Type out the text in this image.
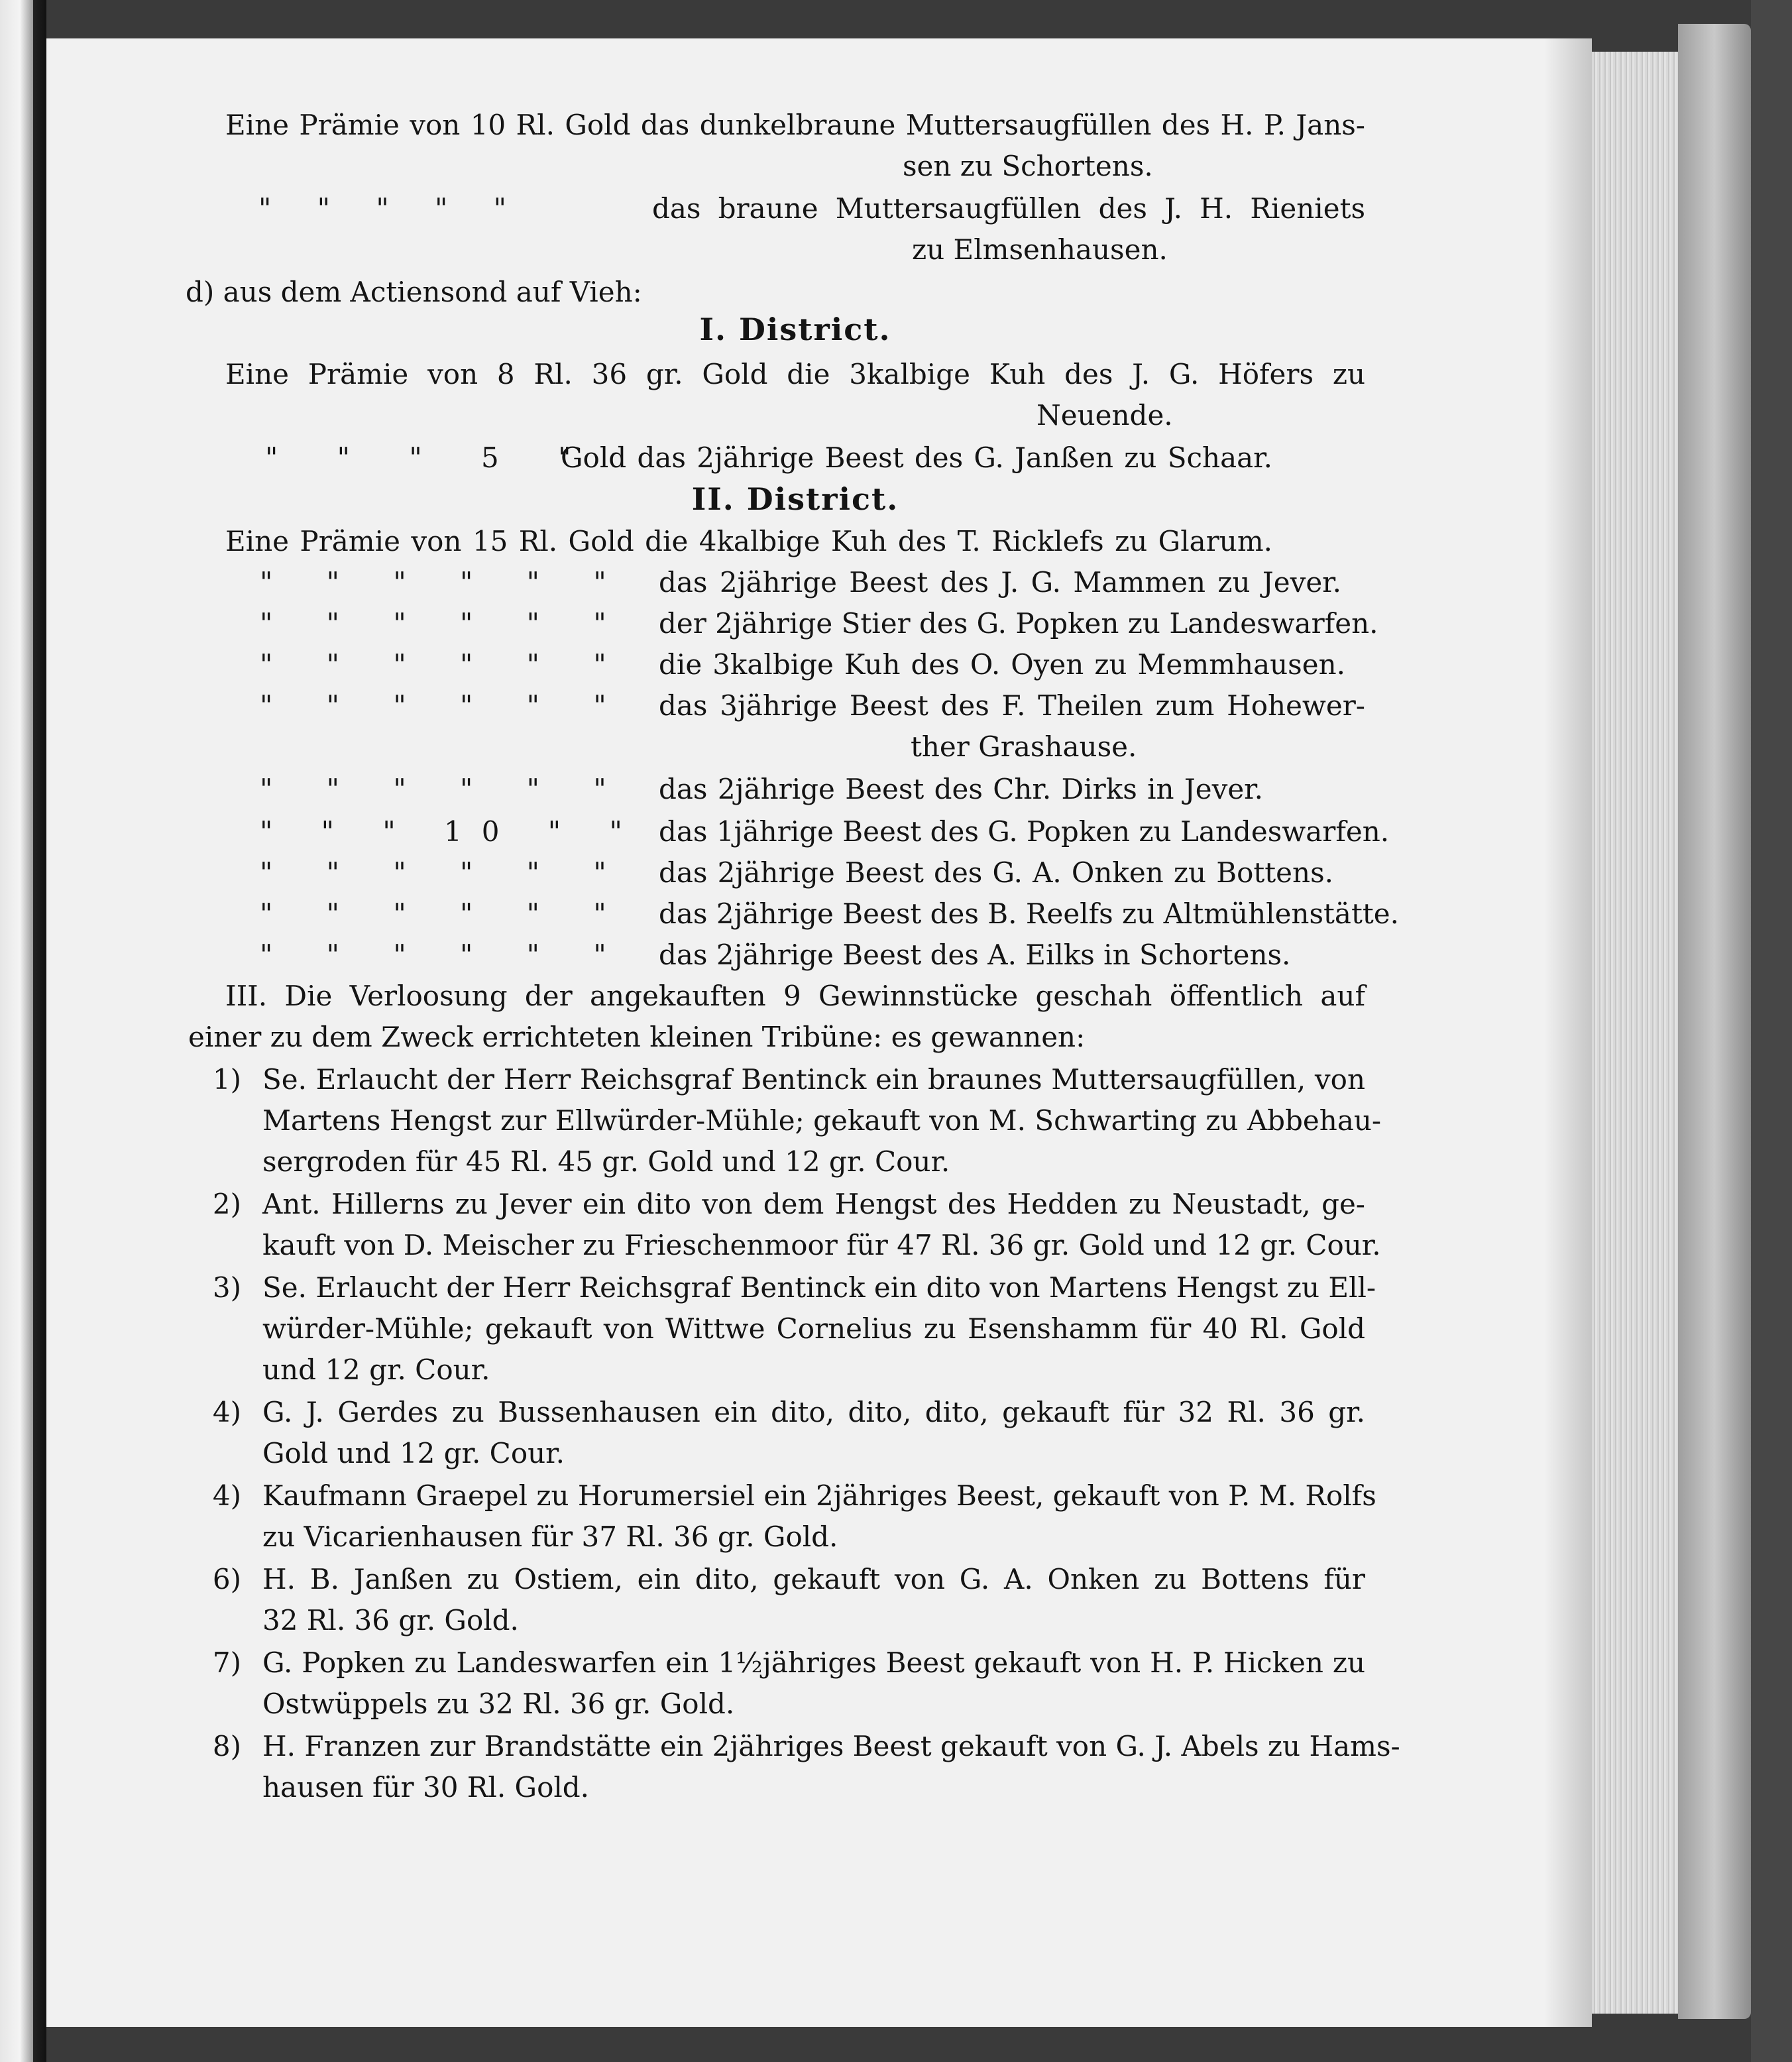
Eine Prämie von 10 Rl. Gold das dunkelbraune Muttersaugfüllen des H. P. Jans-
sen zu Schortens.
" " " " "	das braune Muttersaugfüllen des J. H. Rieniets
zu Elmsenhausen.
d) aus dem Actiensond auf Vieh:
I. District.
Eine Prämie von 8 Rl. 36 gr. Gold die 3kalbige Kuh des J. G. Höfers zu
Neuende.
" " " 5 "
Gold das 2jährige Beest des G. Janßen zu Schaar.
II. District.
Eine Prämie von 15 Rl. Gold die 4kalbige Kuh des T. Ricklefs zu Glarum.
" " " " " " das 2jährige Beest des J. G. Mammen zu Jever.
" " " " " " der 2jährige Stier des G. Popken zu Landeswarfen.
" " " " " " die 3kalbige Kuh des O. Oyen zu Memmhausen.
" " " " " " das 3jährige Beest des F. Theilen zum Hohewer-
ther Grashause.
" " " " " " das 2jährige Beest des Chr. Dirks in Jever.
" " " 10 " " das 1jährige Beest des G. Popken zu Landeswarfen.
" " " " " " das 2jährige Beest des G. A. Onken zu Bottens.
" " " " " " das 2jährige Beest des B. Reelfs zu Altmühlenstätte.
" " " " " " das 2jährige Beest des A. Eilks in Schortens.
III. Die Verloosung der angekauften 9 Gewinnstücke geschah öffentlich auf
einer zu dem Zweck errichteten kleinen Tribüne: es gewannen:
1) Se. Erlaucht der Herr Reichsgraf Bentinck ein braunes Muttersaugfüllen, von
Martens Hengst zur Ellwürder-Mühle; gekauft von M. Schwarting zu Abbehau-
sergroden für 45 Rl. 45 gr. Gold und 12 gr. Cour.
2) Ant. Hillerns zu Jever ein dito von dem Hengst des Hedden zu Neustadt, ge-
kauft von D. Meischer zu Frieschenmoor für 47 Rl. 36 gr. Gold und 12 gr. Cour.
3) Se. Erlaucht der Herr Reichsgraf Bentinck ein dito von Martens Hengst zu Ell-
würder-Mühle; gekauft von Wittwe Cornelius zu Esenshamm für 40 Rl. Gold
und 12 gr. Cour.
4) G. J. Gerdes zu Bussenhausen ein dito, dito, dito, gekauft für 32 Rl. 36 gr.
Gold und 12 gr. Cour.
4) Kaufmann Graepel zu Horumersiel ein 2jähriges Beest, gekauft von P. M. Rolfs
zu Vicarienhausen für 37 Rl. 36 gr. Gold.
6) H. B. Janßen zu Ostiem, ein dito, gekauft von G. A. Onken zu Bottens für
32 Rl. 36 gr. Gold.
7) G. Popken zu Landeswarfen ein 1½jähriges Beest gekauft von H. P. Hicken zu
Ostwüppels zu 32 Rl. 36 gr. Gold.
8) H. Franzen zur Brandstätte ein 2jähriges Beest gekauft von G. J. Abels zu Hams-
hausen für 30 Rl. Gold.
